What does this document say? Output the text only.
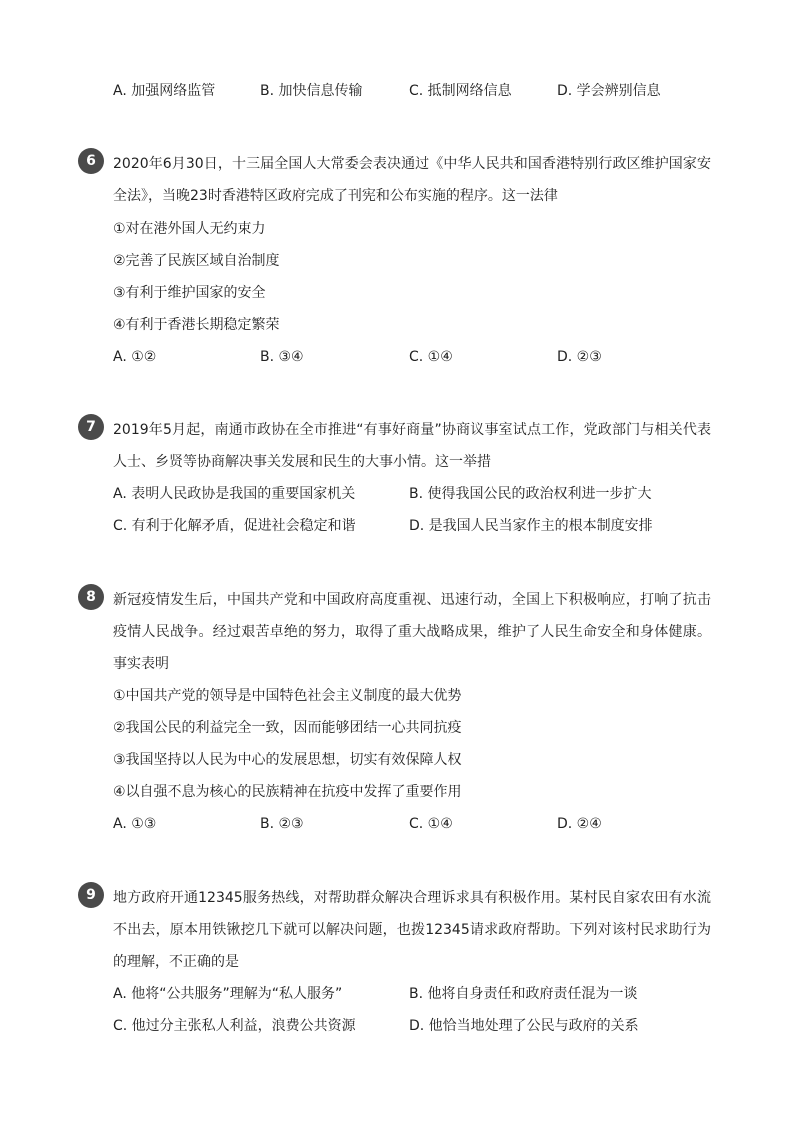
A. 加强网络监管	B. 加快信息传输	C. 抵制网络信息	D. 学会辨别信息
6	2020年6月30日，十三届全国人大常委会表决通过《中华人民共和国香港特别行政区维护国家安全法》，当晚23时香港特区政府完成了刊宪和公布实施的程序。这一法律
①对在港外国人无约束力
②完善了民族区域自治制度
③有利于维护国家的安全
④有利于香港长期稳定繁荣
A. ①②	B. ③④	C. ①④	D. ②③
7	2019年5月起，南通市政协在全市推进“有事好商量”协商议事室试点工作，党政部门与相关代表人士、乡贤等协商解决事关发展和民生的大事小情。这一举措
A. 表明人民政协是我国的重要国家机关	B. 使得我国公民的政治权利进一步扩大
C. 有利于化解矛盾，促进社会稳定和谐	D. 是我国人民当家作主的根本制度安排
8	新冠疫情发生后，中国共产党和中国政府高度重视、迅速行动，全国上下积极响应，打响了抗击疫情人民战争。经过艰苦卓绝的努力，取得了重大战略成果，维护了人民生命安全和身体健康。事实表明
①中国共产党的领导是中国特色社会主义制度的最大优势
②我国公民的利益完全一致，因而能够团结一心共同抗疫
③我国坚持以人民为中心的发展思想，切实有效保障人权
④以自强不息为核心的民族精神在抗疫中发挥了重要作用
A. ①③	B. ②③	C. ①④	D. ②④
9	地方政府开通12345服务热线，对帮助群众解决合理诉求具有积极作用。某村民自家农田有水流不出去，原本用铁锹挖几下就可以解决问题，也拨12345请求政府帮助。下列对该村民求助行为的理解，不正确的是
A. 他将“公共服务”理解为“私人服务”	B. 他将自身责任和政府责任混为一谈
C. 他过分主张私人利益，浪费公共资源	D. 他恰当地处理了公民与政府的关系
